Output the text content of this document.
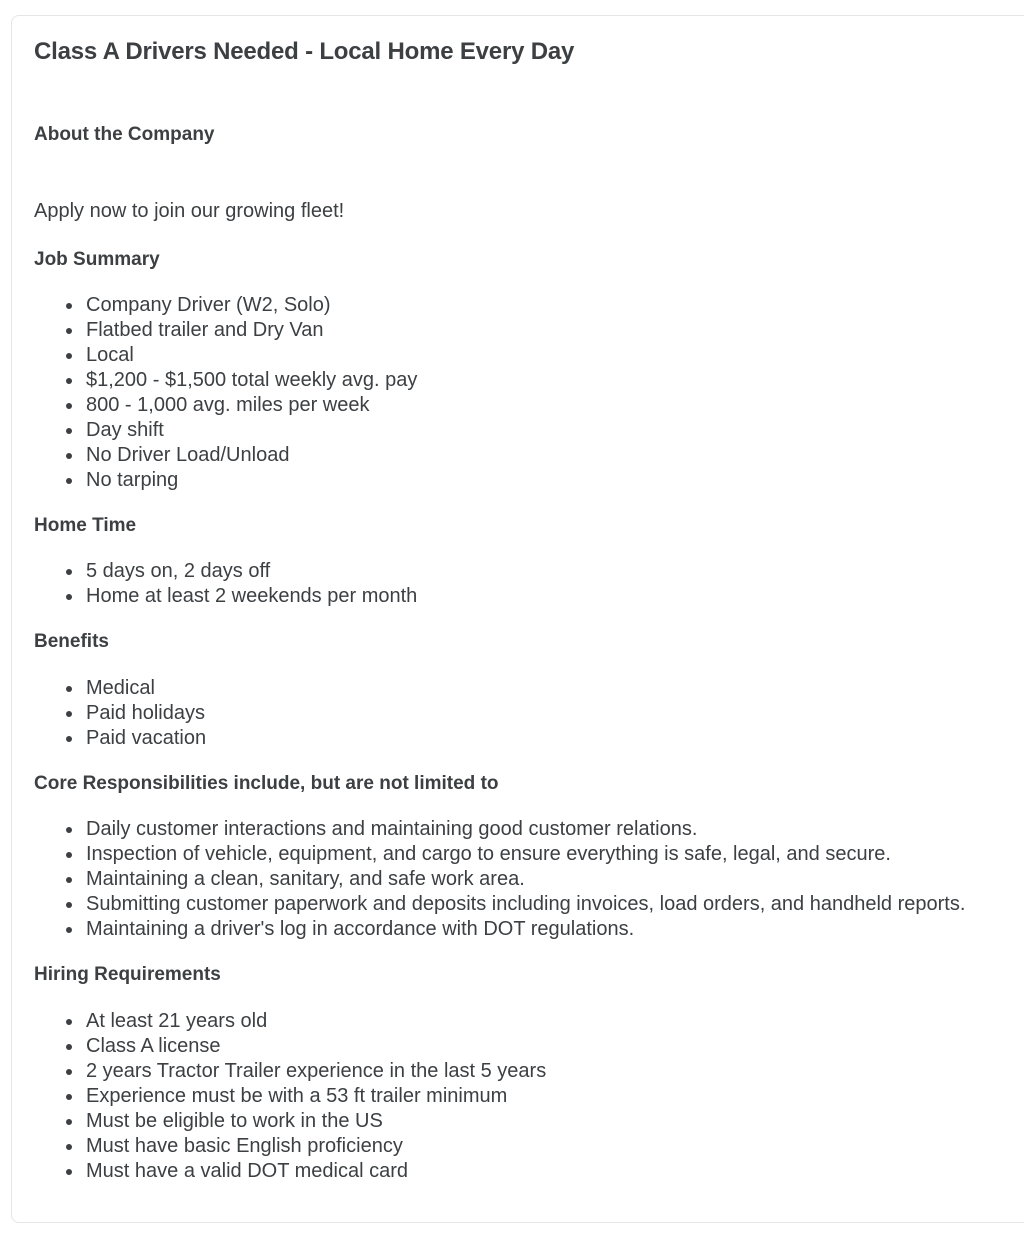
Class A Drivers Needed - Local Home Every Day
About the Company

Apply now to join our growing fleet!

Job Summary
Company Driver (W2, Solo)
Flatbed trailer and Dry Van
Local
$1,200 - $1,500 total weekly avg. pay
800 - 1,000 avg. miles per week
Day shift
No Driver Load/Unload
No tarping
Home Time
5 days on, 2 days off
Home at least 2 weekends per month
Benefits
Medical
Paid holidays
Paid vacation
Core Responsibilities include, but are not limited to
Daily customer interactions and maintaining good customer relations.
Inspection of vehicle, equipment, and cargo to ensure everything is safe, legal, and secure.
Maintaining a clean, sanitary, and safe work area.
Submitting customer paperwork and deposits including invoices, load orders, and handheld reports.
Maintaining a driver's log in accordance with DOT regulations.
Hiring Requirements
At least 21 years old
Class A license
2 years Tractor Trailer experience in the last 5 years
Experience must be with a 53 ft trailer minimum
Must be eligible to work in the US
Must have basic English proficiency
Must have a valid DOT medical card
